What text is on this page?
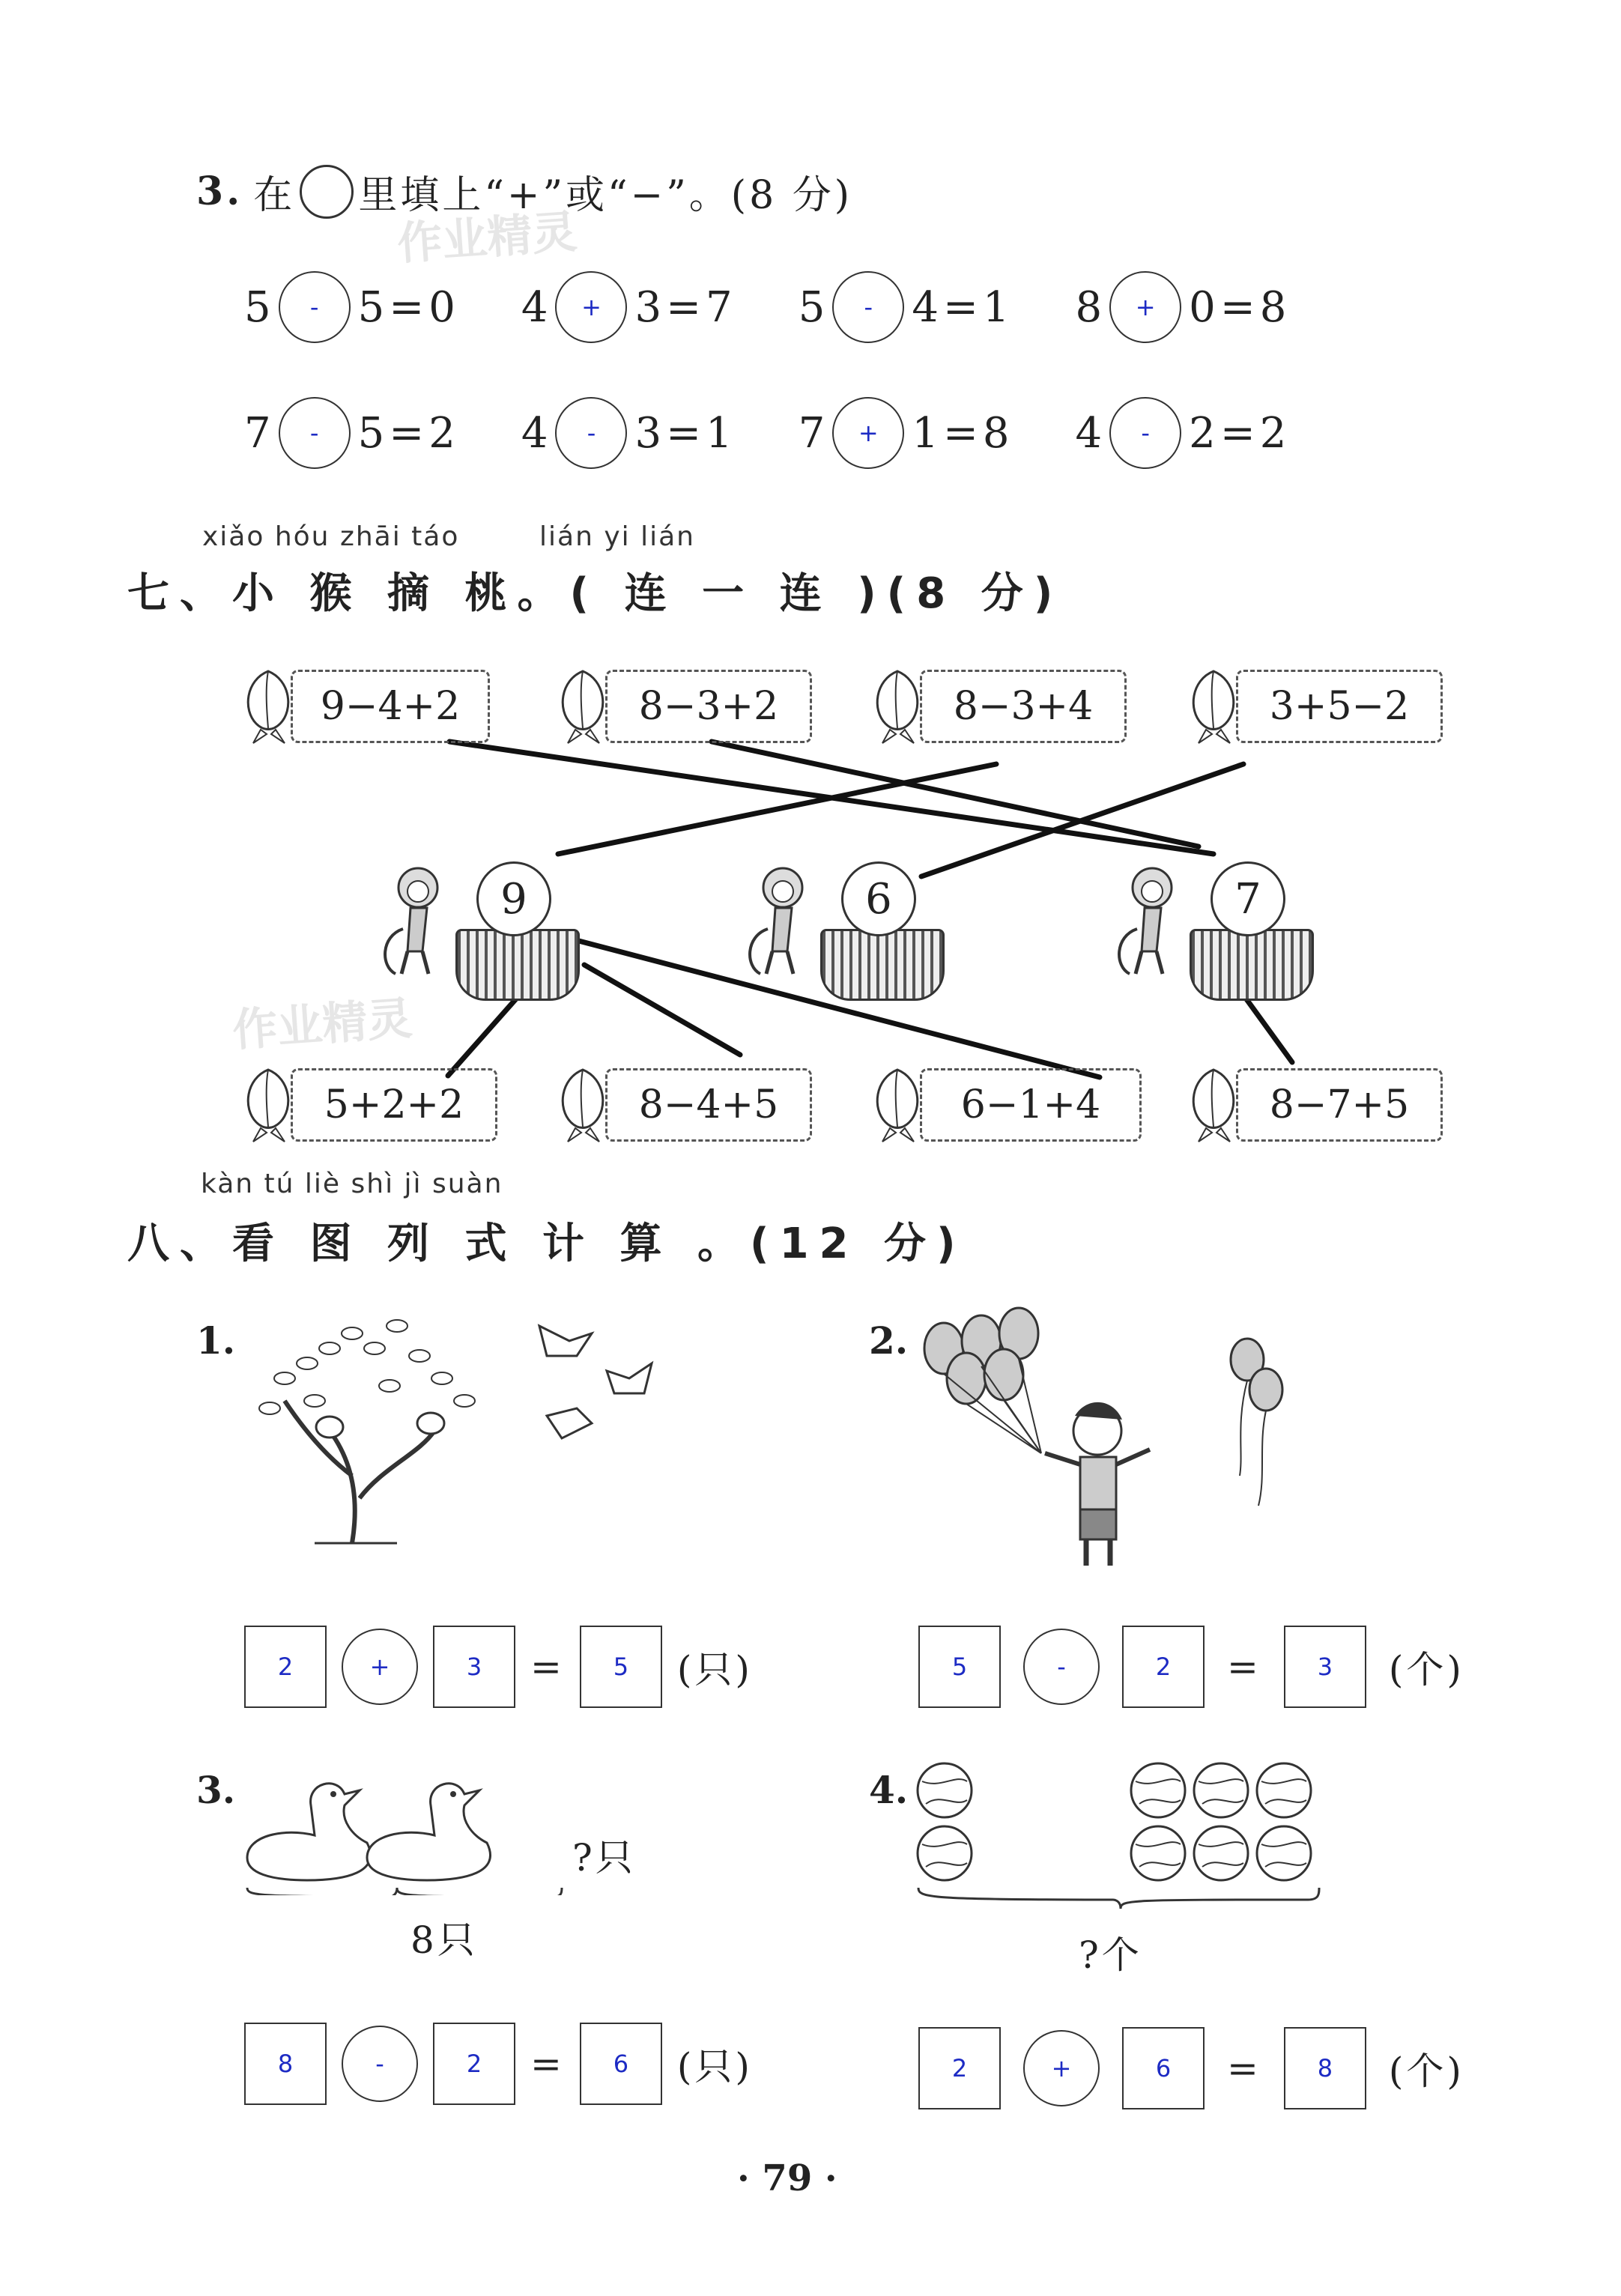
作业精灵
作业精灵
3. 在 里填上“+”或“−”。(8 分)
5 - 5 = 0 4 + 3 = 7 5 - 4 = 1 8 + 0 = 8
7 - 5 = 2 4 - 3 = 1 7 + 1 = 8 4 - 2 = 2
xiǎo hóu zhāi táo	lián yi lián
七、小 猴 摘 桃。( 连 一 连 )(8 分)
9−4+2	8−3+2	8−3+4	3+5−2
9	6	7
5+2+2	8−4+5	6−1+4	8−7+5
kàn tú liè shì jì suàn
八、看 图 列 式 计 算 。(12 分)
1.	2.
2	+	3 = 5 (只)	5	-	2 = 3 (个)
3.
?只
8只
4.
?个
8	-	2 = 6 (只)	2	+	6 = 8 (个)
· 79 ·
